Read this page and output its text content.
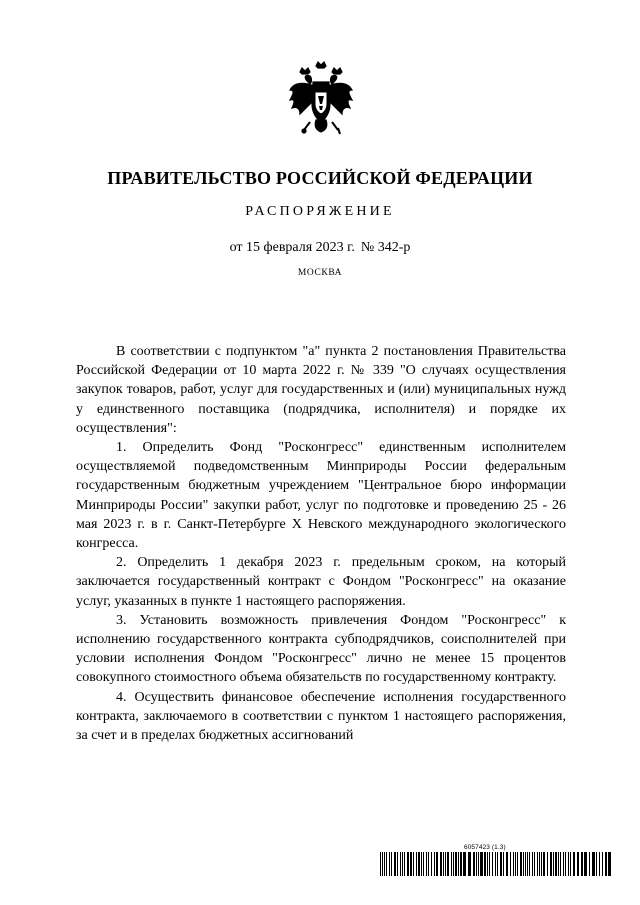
ПРАВИТЕЛЬСТВО РОССИЙСКОЙ ФЕДЕРАЦИИ
РАСПОРЯЖЕНИЕ
от 15 февраля 2023 г. № 342-р
МОСКВА

В соответствии с подпунктом "а" пункта 2 постановления Правительства Российской Федерации от 10 марта 2022 г. № 339 "О случаях осуществления закупок товаров, работ, услуг для государственных и (или) муниципальных нужд у единственного поставщика (подрядчика, исполнителя) и порядке их осуществления":

1. Определить Фонд "Росконгресс" единственным исполнителем осуществляемой подведомственным Минприроды России федеральным государственным бюджетным учреждением "Центральное бюро информации Минприроды России" закупки работ, услуг по подготовке и проведению 25 - 26 мая 2023 г. в г. Санкт-Петербурге X Невского международного экологического конгресса.

2. Определить 1 декабря 2023 г. предельным сроком, на который заключается государственный контракт с Фондом "Росконгресс" на оказание услуг, указанных в пункте 1 настоящего распоряжения.

3. Установить возможность привлечения Фондом "Росконгресс" к исполнению государственного контракта субподрядчиков, соисполнителей при условии исполнения Фондом "Росконгресс" лично не менее 15 процентов совокупного стоимостного объема обязательств по государственному контракту.

4. Осуществить финансовое обеспечение исполнения государственного контракта, заключаемого в соответствии с пунктом 1 настоящего распоряжения, за счет и в пределах бюджетных ассигнований

6057423 (1.3)
